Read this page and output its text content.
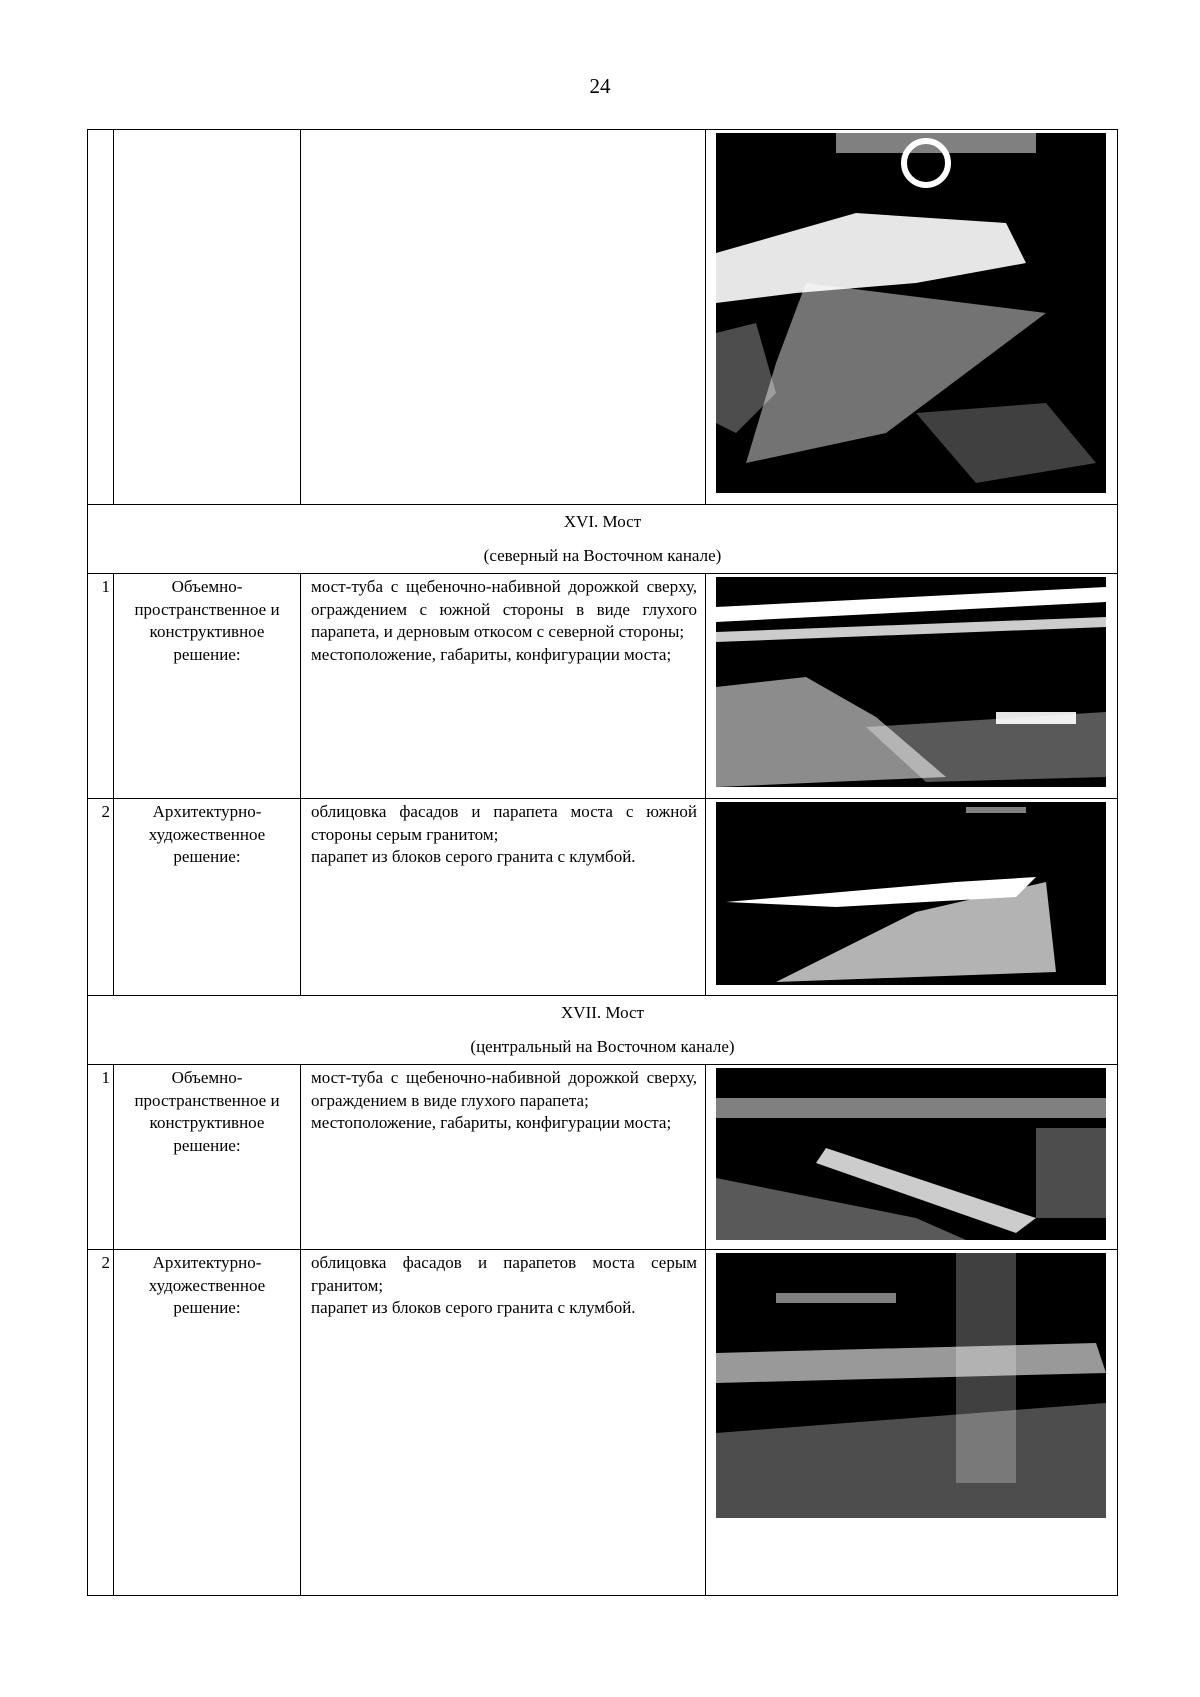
24

XVI. Мост
(северный на Восточном канале)			

1	Объемно-пространственное и конструктивное решение:	мост-туба с щебеночно-набивной дорожкой сверху, ограждением с южной стороны в виде глухого парапета, и дерновым откосом с северной стороны;
местоположение, габариты, конфигурации моста;

2	Архитектурно-художественное решение:	облицовка фасадов и парапета моста с южной стороны серым гранитом;
парапет из блоков серого гранита с клумбой.

XVII. Мост
(центральный на Восточном канале)			

1	Объемно-пространственное и конструктивное решение:	мост-туба с щебеночно-набивной дорожкой сверху, ограждением в виде глухого парапета;
местоположение, габариты, конфигурации моста;

2	Архитектурно-художественное решение:	облицовка фасадов и парапетов моста серым гранитом;
парапет из блоков серого гранита с клумбой.
